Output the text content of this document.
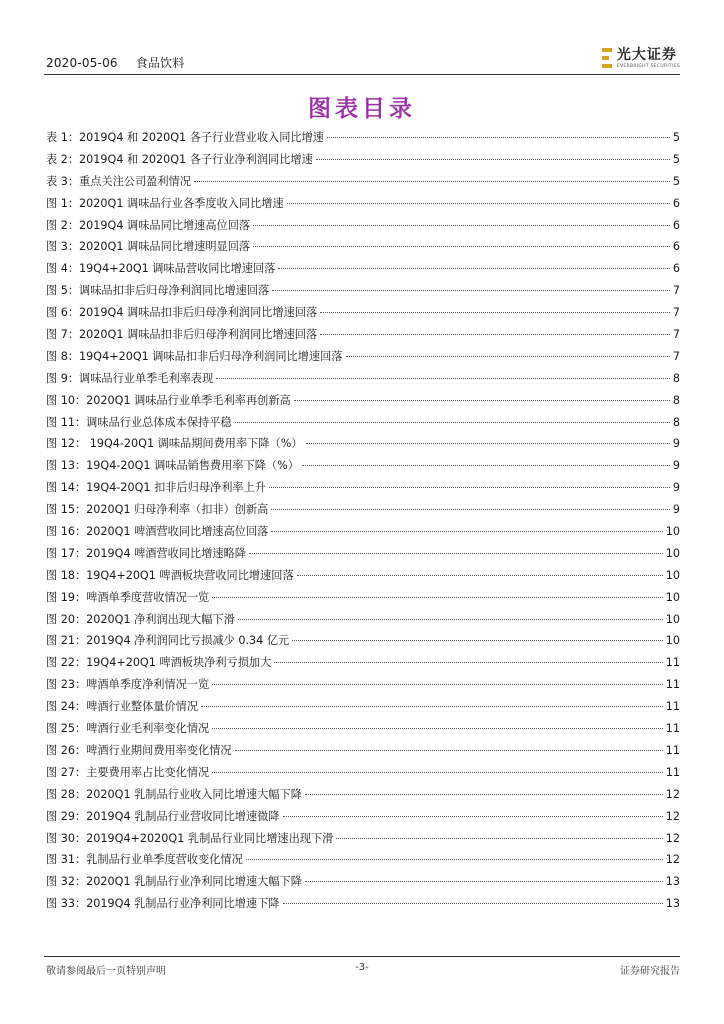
2020-05-06 食品饮料
光大证券
EVERBRIGHT SECURITIES
图表目录
表 1：2019Q4 和 2020Q1 各子行业营业收入同比增速	5
表 2：2019Q4 和 2020Q1 各子行业净利润同比增速	5
表 3：重点关注公司盈利情况	5
图 1：2020Q1 调味品行业各季度收入同比增速	6
图 2：2019Q4 调味品同比增速高位回落	6
图 3：2020Q1 调味品同比增速明显回落	6
图 4：19Q4+20Q1 调味品营收同比增速回落	6
图 5：调味品扣非后归母净利润同比增速回落	7
图 6：2019Q4 调味品扣非后归母净利润同比增速回落	7
图 7：2020Q1 调味品扣非后归母净利润同比增速回落	7
图 8：19Q4+20Q1 调味品扣非后归母净利润同比增速回落	7
图 9：调味品行业单季毛利率表现	8
图 10：2020Q1 调味品行业单季毛利率再创新高	8
图 11：调味品行业总体成本保持平稳	8
图 12： 19Q4-20Q1 调味品期间费用率下降（%）	9
图 13：19Q4-20Q1 调味品销售费用率下降（%）	9
图 14：19Q4-20Q1 扣非后归母净利率上升	9
图 15：2020Q1 归母净利率（扣非）创新高	9
图 16：2020Q1 啤酒营收同比增速高位回落	10
图 17：2019Q4 啤酒营收同比增速略降	10
图 18：19Q4+20Q1 啤酒板块营收同比增速回落	10
图 19：啤酒单季度营收情况一览	10
图 20：2020Q1 净利润出现大幅下滑	10
图 21：2019Q4 净利润同比亏损减少 0.34 亿元	10
图 22：19Q4+20Q1 啤酒板块净利亏损加大	11
图 23：啤酒单季度净利情况一览	11
图 24：啤酒行业整体量价情况	11
图 25：啤酒行业毛利率变化情况	11
图 26：啤酒行业期间费用率变化情况	11
图 27：主要费用率占比变化情况	11
图 28：2020Q1 乳制品行业收入同比增速大幅下降	12
图 29：2019Q4 乳制品行业营收同比增速微降	12
图 30：2019Q4+2020Q1 乳制品行业同比增速出现下滑	12
图 31：乳制品行业单季度营收变化情况	12
图 32：2020Q1 乳制品行业净利同比增速大幅下降	13
图 33：2019Q4 乳制品行业净利同比增速下降	13
敬请参阅最后一页特别声明	-3-	证券研究报告
